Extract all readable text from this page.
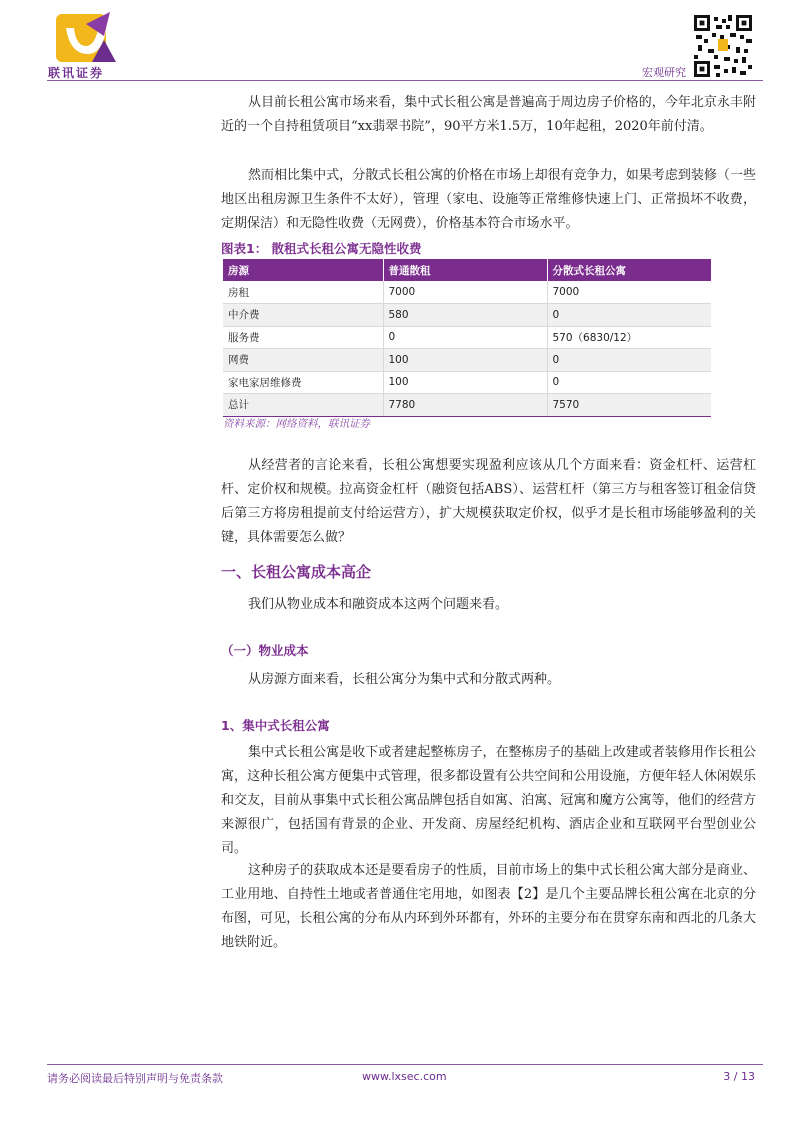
联讯证券	宏观研究

从目前长租公寓市场来看，集中式长租公寓是普遍高于周边房子价格的，今年北京永丰附近的一个自持租赁项目“xx翡翠书院”，90平方米1.5万，10年起租，2020年前付清。

然而相比集中式，分散式长租公寓的价格在市场上却很有竞争力，如果考虑到装修（一些地区出租房源卫生条件不太好），管理（家电、设施等正常维修快速上门、正常损坏不收费，定期保洁）和无隐性收费（无网费），价格基本符合市场水平。

图表1： 散租式长租公寓无隐性收费
房源	普通散租	分散式长租公寓
房租	7000	7000
中介费	580	0
服务费	0	570（6830/12）
网费	100	0
家电家居维修费	100	0
总计	7780	7570
资料来源：网络资料，联讯证券

从经营者的言论来看，长租公寓想要实现盈利应该从几个方面来看：资金杠杆、运营杠杆、定价权和规模。拉高资金杠杆（融资包括ABS）、运营杠杆（第三方与租客签订租金信贷后第三方将房租提前支付给运营方），扩大规模获取定价权，似乎才是长租市场能够盈利的关键，具体需要怎么做？

一、长租公寓成本高企

我们从物业成本和融资成本这两个问题来看。

（一）物业成本

从房源方面来看，长租公寓分为集中式和分散式两种。

1、集中式长租公寓

集中式长租公寓是收下或者建起整栋房子，在整栋房子的基础上改建或者装修用作长租公寓，这种长租公寓方便集中式管理，很多都设置有公共空间和公用设施，方便年轻人休闲娱乐和交友，目前从事集中式长租公寓品牌包括自如寓、泊寓、冠寓和魔方公寓等，他们的经营方来源很广，包括国有背景的企业、开发商、房屋经纪机构、酒店企业和互联网平台型创业公司。

这种房子的获取成本还是要看房子的性质，目前市场上的集中式长租公寓大部分是商业、工业用地、自持性土地或者普通住宅用地，如图表【2】是几个主要品牌长租公寓在北京的分布图，可见，长租公寓的分布从内环到外环都有，外环的主要分布在贯穿东南和西北的几条大地铁附近。

请务必阅读最后特别声明与免责条款	www.lxsec.com	3 / 13
